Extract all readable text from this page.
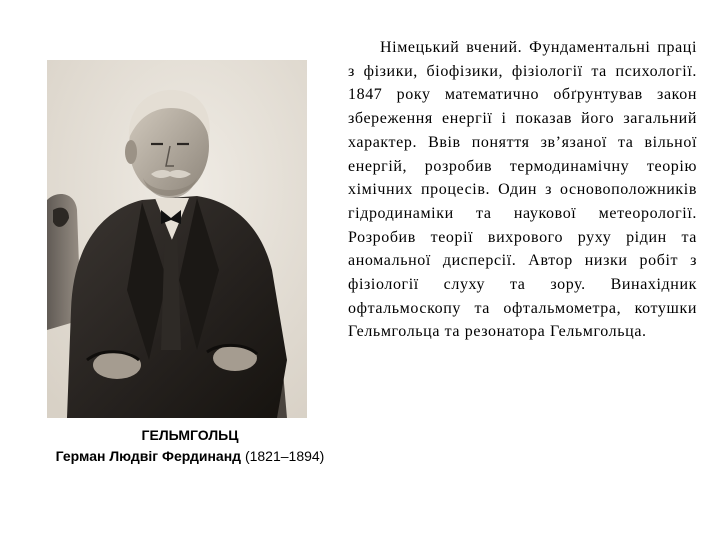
ГЕЛЬМГОЛЬЦ
Герман Людвіг Фердинанд (1821–1894)

Німецький вчений. Фундаментальні праці з фізики, біофізики, фізіології та психології. 1847 року математично обґрунтував закон збереження енергії і показав його загальний характер. Ввів поняття зв’язаної та вільної енергій, розробив термодинамічну теорію хімічних процесів. Один з основоположників гідродинаміки та наукової метеорології. Розробив теорії вихрового руху рідин та аномальної дисперсії. Автор низки робіт з фізіології слуху та зору. Винахідник офтальмоскопу та офтальмометра, котушки Гельмгольца та резонатора Гельмгольца.
